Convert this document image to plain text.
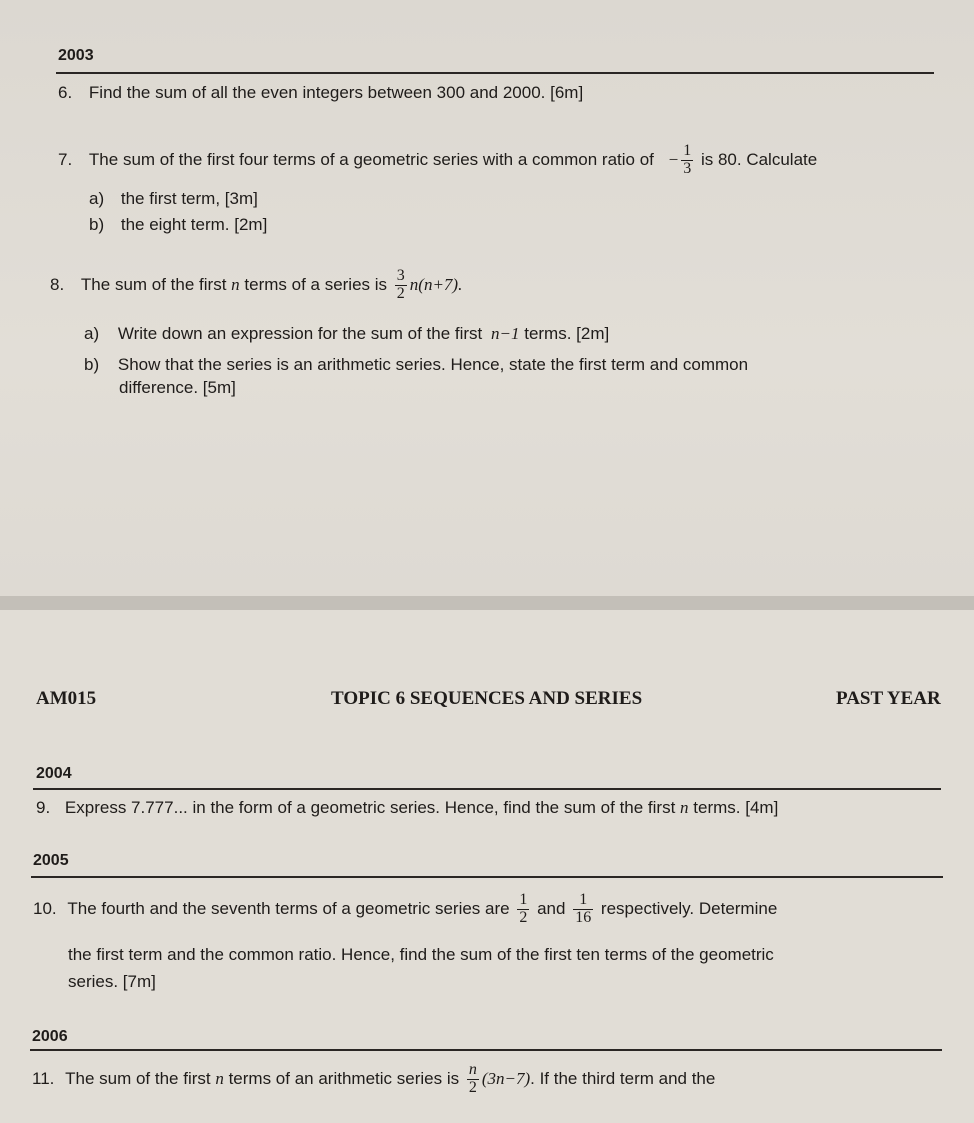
2003
6. Find the sum of all the even integers between 300 and 2000. [6m]
7. The sum of the first four terms of a geometric series with a common ratio of − $\frac{1}{3}$ is 80. Calculate
a) the first term, [3m]
b) the eight term. [2m]
8. The sum of the first n terms of a series is $\frac{3}{2} n(n+7)$.
a) Write down an expression for the sum of the first n−1 terms. [2m]
b) Show that the series is an arithmetic series. Hence, state the first term and common
difference. [5m]
AM015	TOPIC 6 SEQUENCES AND SERIES	PAST YEAR
2004
9. Express 7.777... in the form of a geometric series. Hence, find the sum of the first n terms. [4m]
2005
10. The fourth and the seventh terms of a geometric series are $\frac{1}{2}$ and $\frac{1}{16}$ respectively. Determine
the first term and the common ratio. Hence, find the sum of the first ten terms of the geometric
series. [7m]
2006
11. The sum of the first n terms of an arithmetic series is $\frac{n}{2} (3n-7)$. If the third term and the
